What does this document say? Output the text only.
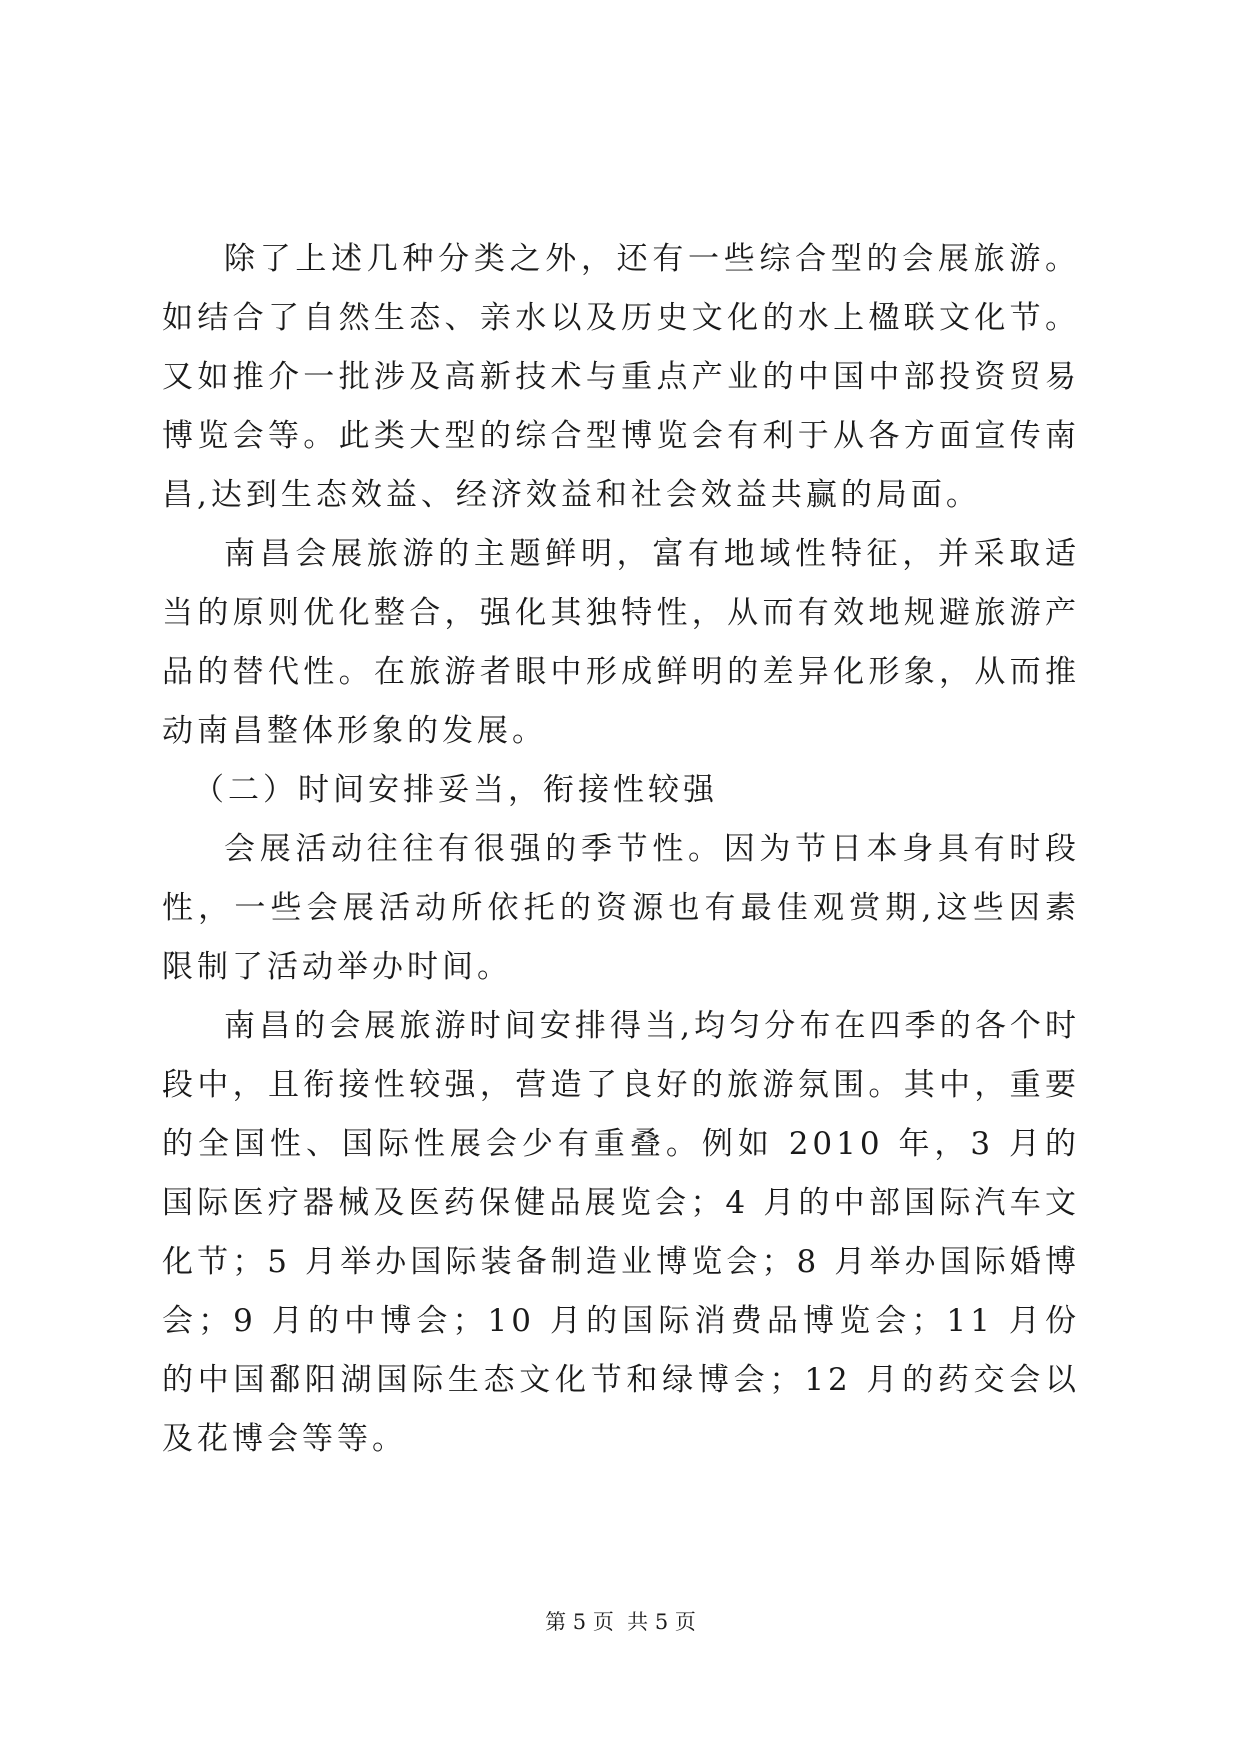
除了上述几种分类之外，还有一些综合型的会展旅游。如结合了自然生态、亲水以及历史文化的水上楹联文化节。又如推介一批涉及高新技术与重点产业的中国中部投资贸易博览会等。此类大型的综合型博览会有利于从各方面宣传南昌,达到生态效益、经济效益和社会效益共赢的局面。

南昌会展旅游的主题鲜明，富有地域性特征，并采取适当的原则优化整合，强化其独特性，从而有效地规避旅游产品的替代性。在旅游者眼中形成鲜明的差异化形象，从而推动南昌整体形象的发展。

（二）时间安排妥当，衔接性较强

会展活动往往有很强的季节性。因为节日本身具有时段性，一些会展活动所依托的资源也有最佳观赏期,这些因素限制了活动举办时间。

南昌的会展旅游时间安排得当,均匀分布在四季的各个时段中，且衔接性较强，营造了良好的旅游氛围。其中，重要的全国性、国际性展会少有重叠。例如 2010 年，3 月的国际医疗器械及医药保健品展览会；4 月的中部国际汽车文化节；5 月举办国际装备制造业博览会；8 月举办国际婚博会；9 月的中博会；10 月的国际消费品博览会；11 月份的中国鄱阳湖国际生态文化节和绿博会；12 月的药交会以及花博会等等。

第 5 页  共 5 页
